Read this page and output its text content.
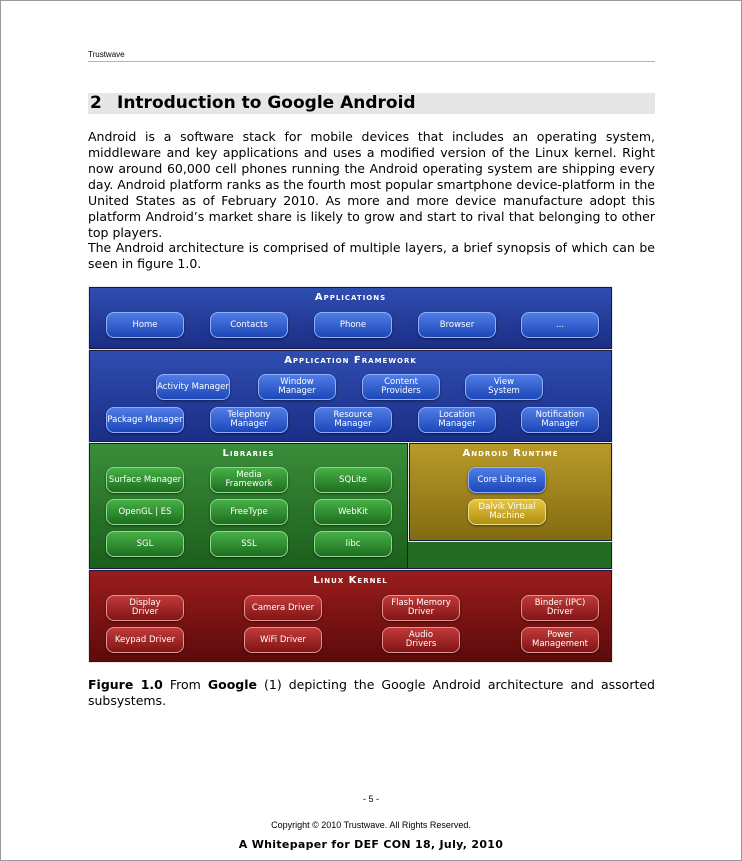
Trustwave
2 Introduction to Google Android

Android is a software stack for mobile devices that includes an operating system, middleware and key applications and uses a modified version of the Linux kernel. Right now around 60,000 cell phones running the Android operating system are shipping every day. Android platform ranks as the fourth most popular smartphone device-platform in the United States as of February 2010. As more and more device manufacture adopt this platform Android’s market share is likely to grow and start to rival that belonging to other top players.

The Android architecture is comprised of multiple layers, a brief synopsis of which can be seen in figure 1.0.

Applications
Home	Contacts	Phone	Browser	...
Application Framework
Activity Manager	Window
Manager
Content
Providers
View
System
Package Manager	Telephony
Manager
Resource
Manager
Location
Manager
Notification
Manager
Libraries
Surface Manager	Media
Framework	SQLite
OpenGL | ES	FreeType	WebKit
SGL	SSL	libc
Android Runtime
Core Libraries
Dalvik Virtual
Machine
Linux Kernel
Display
Driver	Camera Driver	Flash Memory
Driver
Binder (IPC)
Driver
Keypad Driver	WiFi Driver	Audio
Drivers
Power
Management

Figure 1.0 From Google (1) depicting the Google Android architecture and assorted subsystems.

- 5 -
Copyright © 2010 Trustwave. All Rights Reserved.
A Whitepaper for DEF CON 18, July, 2010
